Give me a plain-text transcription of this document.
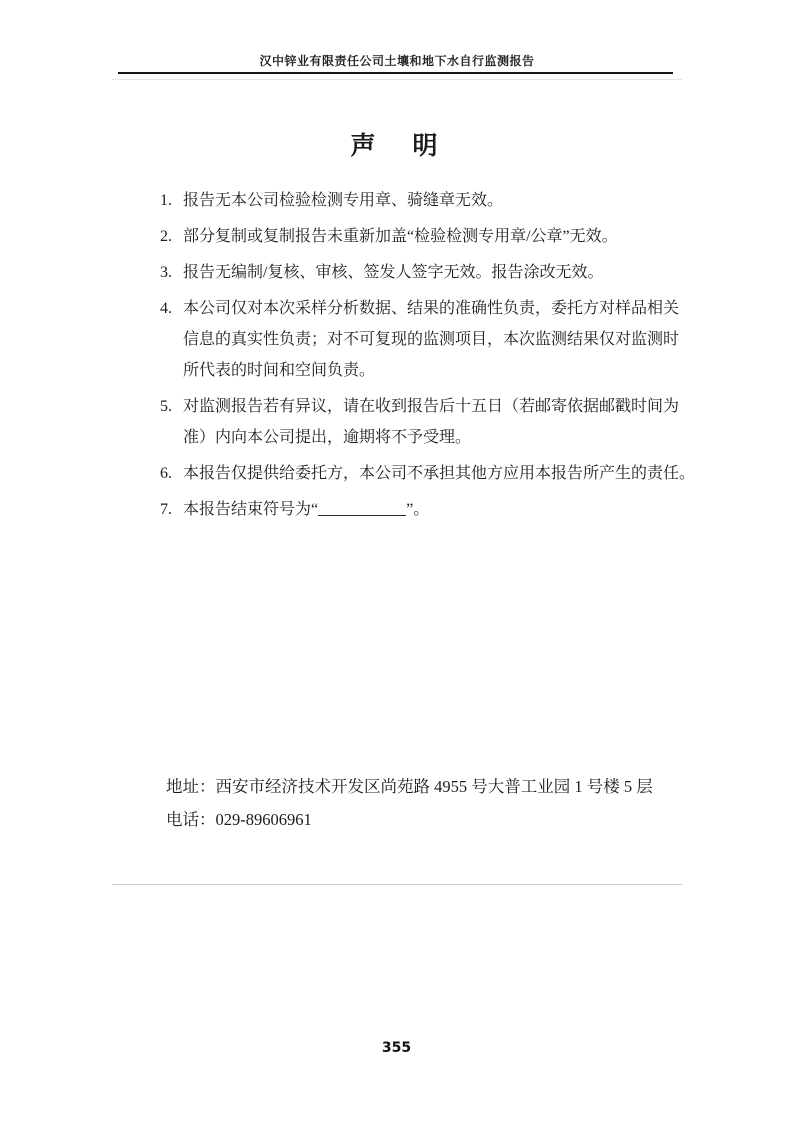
汉中锌业有限责任公司土壤和地下水自行监测报告
声　明
1. 报告无本公司检验检测专用章、骑缝章无效。
2. 部分复制或复制报告未重新加盖“检验检测专用章/公章”无效。
3. 报告无编制/复核、审核、签发人签字无效。报告涂改无效。
4. 本公司仅对本次采样分析数据、结果的准确性负责，委托方对样品相关
信息的真实性负责；对不可复现的监测项目，本次监测结果仅对监测时
所代表的时间和空间负责。
5. 对监测报告若有异议，请在收到报告后十五日（若邮寄依据邮戳时间为
准）内向本公司提出，逾期将不予受理。
6. 本报告仅提供给委托方，本公司不承担其他方应用本报告所产生的责任。
7. 本报告结束符号为“	”。
地址：西安市经济技术开发区尚苑路 4955 号大普工业园 1 号楼 5 层
电话：029-89606961
355
